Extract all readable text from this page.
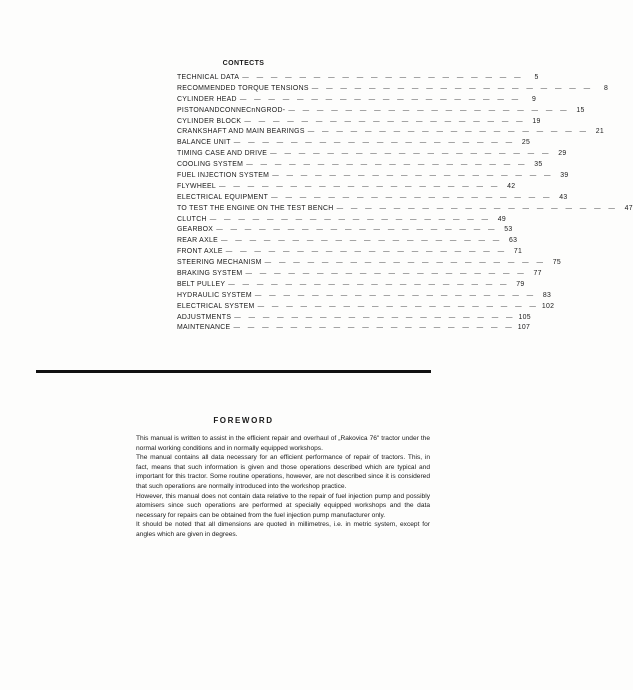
CONTECTS
TECHNICAL DATA — — — — — — — — — — — — — — — — — — — —	5
RECOMMENDED TORQUE TENSIONS — — — — — — — — — — — — — — — — — — — —	8
CYLINDER HEAD — — — — — — — — — — — — — — — — — — — —	9
PISTONANDCONNECnNGROD- — — — — — — — — — — — — — — — — — — — — 15
CYLINDER BLOCK — — — — — — — — — — — — — — — — — — — — 19
CRANKSHAFT AND MAIN BEARINGS — — — — — — — — — — — — — — — — — — — — 21
BALANCE UNIT — — — — — — — — — — — — — — — — — — — — 25
TIMING CASE AND DRIVE — — — — — — — — — — — — — — — — — — — — 29
COOLING SYSTEM — — — — — — — — — — — — — — — — — — — — 35
FUEL INJECTION SYSTEM — — — — — — — — — — — — — — — — — — — — 39
FLYWHEEL — — — — — — — — — — — — — — — — — — — — 42
ELECTRICAL EQUIPMENT — — — — — — — — — — — — — — — — — — — — 43
TO TEST THE ENGINE ON THE TEST BENCH — — — — — — — — — — — — — — — — — — — — 47
CLUTCH — — — — — — — — — — — — — — — — — — — — 49
GEARBOX — — — — — — — — — — — — — — — — — — — — 53
REAR AXLE — — — — — — — — — — — — — — — — — — — — 63
FRONT AXLE — — — — — — — — — — — — — — — — — — — — 71
STEERING MECHANISM — — — — — — — — — — — — — — — — — — — — 75
BRAKING SYSTEM — — — — — — — — — — — — — — — — — — — — 77
BELT PULLEY — — — — — — — — — — — — — — — — — — — — 79
HYDRAULIC SYSTEM — — — — — — — — — — — — — — — — — — — — 83
ELECTRICAL SYSTEM — — — — — — — — — — — — — — — — — — — — 102
ADJUSTMENTS — — — — — — — — — — — — — — — — — — — — 105
MAINTENANCE — — — — — — — — — — — — — — — — — — — — 107
FOREWORD

This manual is written to assist in the efficient repair and overhaul of „Rakovica 76" tractor under the normal working conditions and in normally equipped workshops.

The manual contains all data necessary for an efficient performance of repair of tractors. This, in fact, means that such information is given and those operations described which are typical and important for this tractor. Some routine operations, however, are not described since it is considered that such operations are normally introduced into the workshop practice.

However, this manual does not contain data relative to the repair of fuel injection pump and possibly atomisers since such operations are performed at specially equipped workshops and the data necessary for repairs can be obtained from the fuel injection pump manufacturer only.

It should be noted that all dimensions are quoted in millimetres, i.e. in metric system, except for angles which are given in degrees.
